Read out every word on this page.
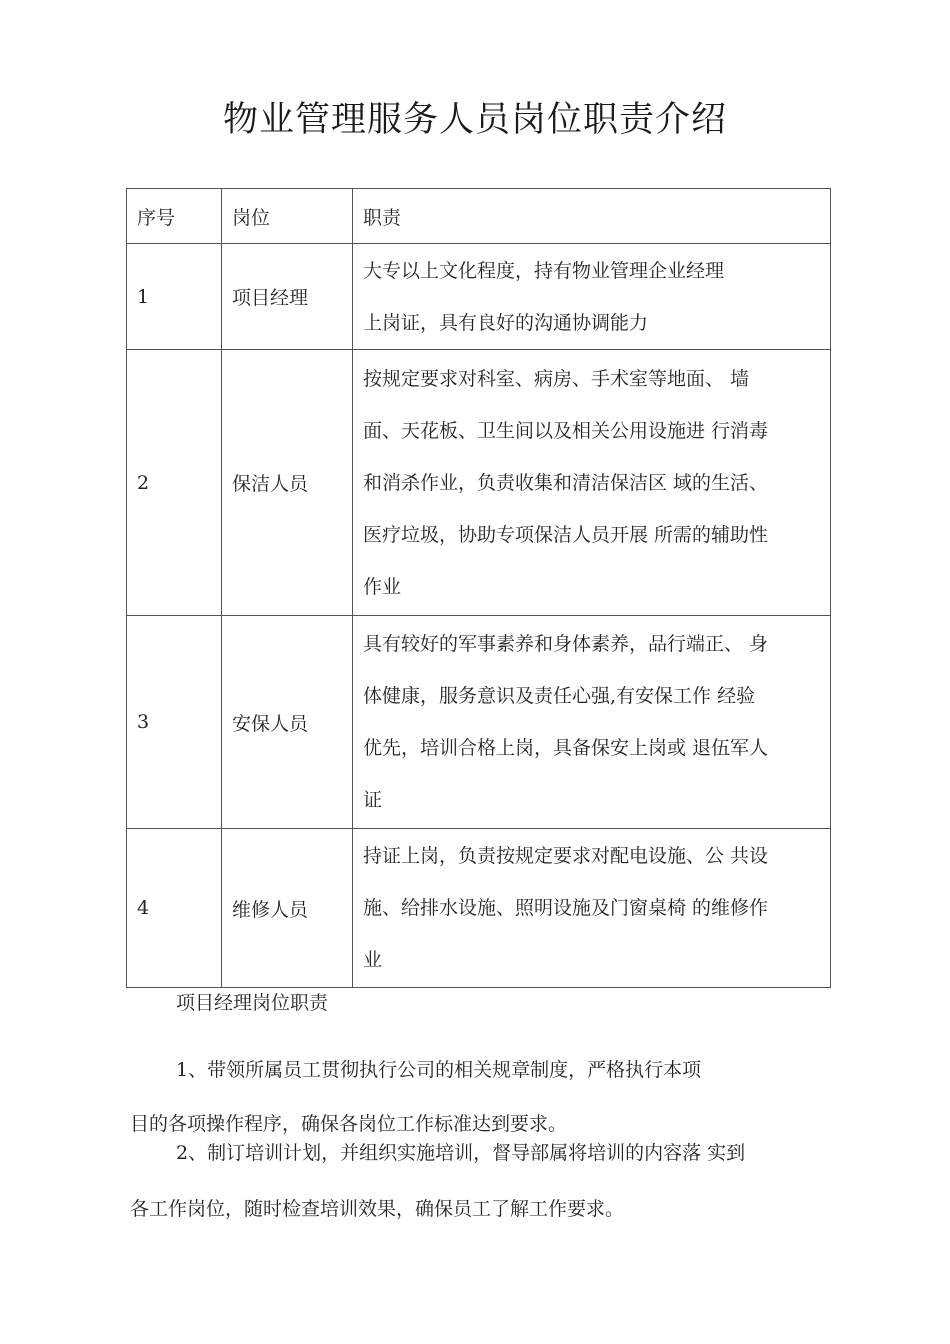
物业管理服务人员岗位职责介绍
序号	岗位	职责
1	项目经理	大专以上文化程度，持有物业管理企业经理
上岗证，具有良好的沟通协调能力

2	保洁人员	按规定要求对科室、病房、手术室等地面、 墙
面、天花板、卫生间以及相关公用设施进 行消毒
和消杀作业，负责收集和清洁保洁区 域的生活、
医疗垃圾，协助专项保洁人员开展 所需的辅助性
作业

3	安保人员	具有较好的军事素养和身体素养，品行端正、 身
体健康，服务意识及责任心强,有安保工作 经验
优先，培训合格上岗，具备保安上岗或 退伍军人
证

4	维修人员	持证上岗，负责按规定要求对配电设施、公 共设
施、给排水设施、照明设施及门窗桌椅 的维修作
业
项目经理岗位职责
1、带领所属员工贯彻执行公司的相关规章制度，严格执行本项
目的各项操作程序，确保各岗位工作标准达到要求。
2、制订培训计划，并组织实施培训，督导部属将培训的内容落 实到
各工作岗位，随时检查培训效果，确保员工了解工作要求。
